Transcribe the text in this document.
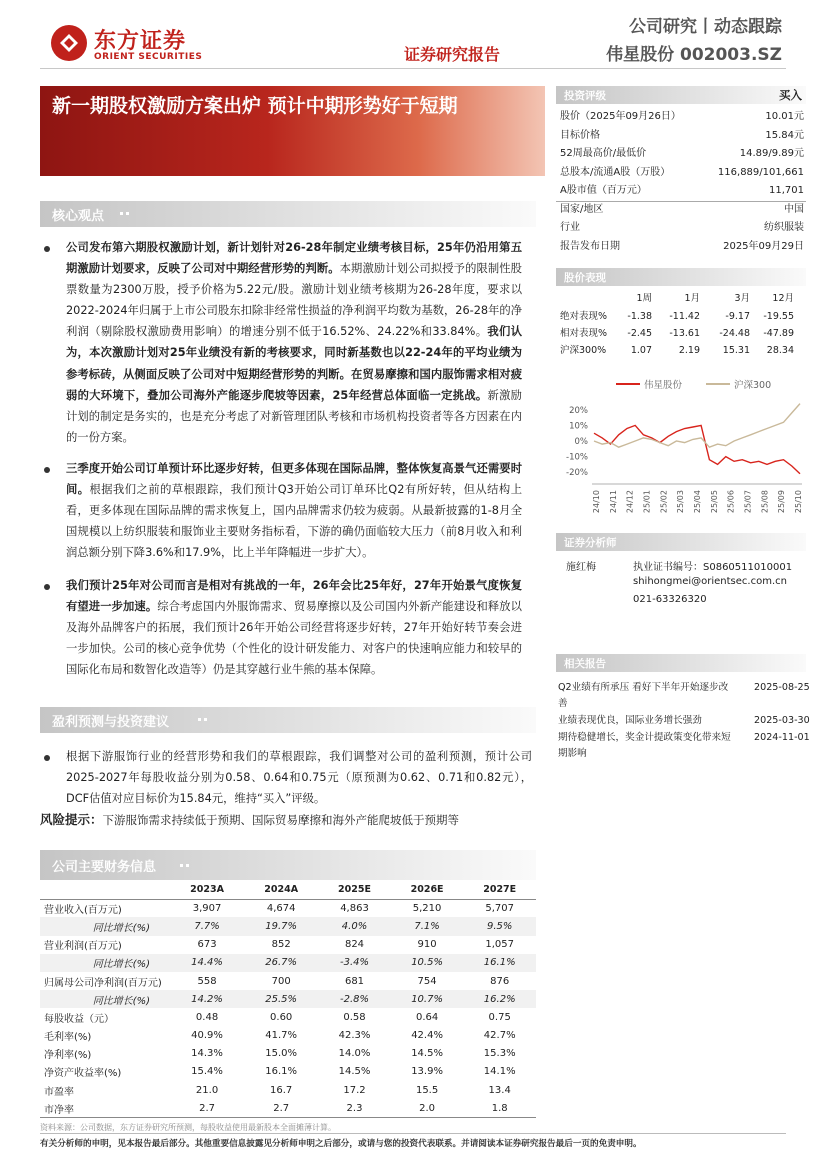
东方证券
ORIENT SECURITIES
公司研究丨动态跟踪
证券研究报告	伟星股份 002003.SZ
新一期股权激励方案出炉 预计中期形势好于短期
核心观点
公司发布第六期股权激励计划，新计划针对26-28年制定业绩考核目标，25年仍沿用第五期激励计划要求，反映了公司对中期经营形势的判断。本期激励计划公司拟授予的限制性股票数量为2300万股，授予价格为5.22元/股。激励计划业绩考核期为26-28年度，要求以2022-2024年归属于上市公司股东扣除非经常性损益的净利润平均数为基数，26-28年的净利润（剔除股权激励费用影响）的增速分别不低于16.52%、24.22%和33.84%。我们认为，本次激励计划对25年业绩没有新的考核要求，同时新基数也以22-24年的平均业绩为参考标砖，从侧面反映了公司对中短期经营形势的判断。在贸易摩擦和国内服饰需求相对疲弱的大环境下，叠加公司海外产能逐步爬坡等因素，25年经营总体面临一定挑战。新激励计划的制定是务实的，也是充分考虑了对新管理团队考核和市场机构投资者等各方因素在内的一份方案。
三季度开始公司订单预计环比逐步好转，但更多体现在国际品牌，整体恢复高景气还需要时间。根据我们之前的草根跟踪，我们预计Q3开始公司订单环比Q2有所好转，但从结构上看，更多体现在国际品牌的需求恢复上，国内品牌需求仍较为疲弱。从最新披露的1-8月全国规模以上纺织服装和服饰业主要财务指标看，下游的确仍面临较大压力（前8月收入和利润总额分别下降3.6%和17.9%，比上半年降幅进一步扩大）。
我们预计25年对公司而言是相对有挑战的一年，26年会比25年好，27年开始景气度恢复有望进一步加速。综合考虑国内外服饰需求、贸易摩擦以及公司国内外新产能建设和释放以及海外品牌客户的拓展，我们预计26年开始公司经营将逐步好转，27年开始好转节奏会进一步加快。公司的核心竞争优势（个性化的设计研发能力、对客户的快速响应能力和较早的国际化布局和数智化改造等）仍是其穿越行业牛熊的基本保障。
盈利预测与投资建议
根据下游服饰行业的经营形势和我们的草根跟踪，我们调整对公司的盈利预测，预计公司2025-2027年每股收益分别为0.58、0.64和0.75元（原预测为0.62、0.71和0.82元），DCF估值对应目标价为15.84元，维持“买入”评级。
风险提示：下游服饰需求持续低于预期、国际贸易摩擦和海外产能爬坡低于预期等
公司主要财务信息
	2023A	2024A	2025E	2026E	2027E
营业收入(百万元)	3,907	4,674	4,863	5,210	5,707
同比增长(%)	7.7%	19.7%	4.0%	7.1%	9.5%
营业利润(百万元)	673	852	824	910	1,057
同比增长(%)	14.4%	26.7%	-3.4%	10.5%	16.1%
归属母公司净利润(百万元)	558	700	681	754	876
同比增长(%)	14.2%	25.5%	-2.8%	10.7%	16.2%
每股收益（元）	0.48	0.60	0.58	0.64	0.75
毛利率(%)	40.9%	41.7%	42.3%	42.4%	42.7%
净利率(%)	14.3%	15.0%	14.0%	14.5%	15.3%
净资产收益率(%)	15.4%	16.1%	14.5%	13.9%	14.1%
市盈率	21.0	16.7	17.2	15.5	13.4
市净率	2.7	2.7	2.3	2.0	1.8
资料来源：公司数据，东方证券研究所预测，每股收益使用最新股本全面摊薄计算。
有关分析师的申明，见本报告最后部分。其他重要信息披露见分析师申明之后部分，或请与您的投资代表联系。并请阅读本证券研究报告最后一页的免责申明。
投资评级	买入
股价（2025年09月26日）	10.01元
目标价格	15.84元
52周最高价/最低价	14.89/9.89元
总股本/流通A股（万股）	116,889/101,661
A股市值（百万元）	11,701
国家/地区	中国
行业	纺织服装
报告发布日期	2025年09月29日
股价表现
1周	1月	3月 12月
绝对表现% -1.38 -11.42	-9.17 -19.55
相对表现% -2.45 -13.61 -24.48 -47.89
沪深300%	1.07	2.19 15.31 28.34
伟星股份	沪深300
20%
10%
0%
-10%
-20%
24/10 24/11 24/12 25/01 25/02 25/03 25/04 25/05 25/06 25/07 25/08 25/09 25/10
证券分析师
施红梅	执业证书编号：S0860511010001
shihongmei@orientsec.com.cn
021-63326320
相关报告
Q2业绩有所承压 看好下半年开始逐步改善
2025-08-25
业绩表现优良，国际业务增长强劲	2025-03-30
期待稳健增长，奖金计提政策变化带来短期影响
2024-11-01
